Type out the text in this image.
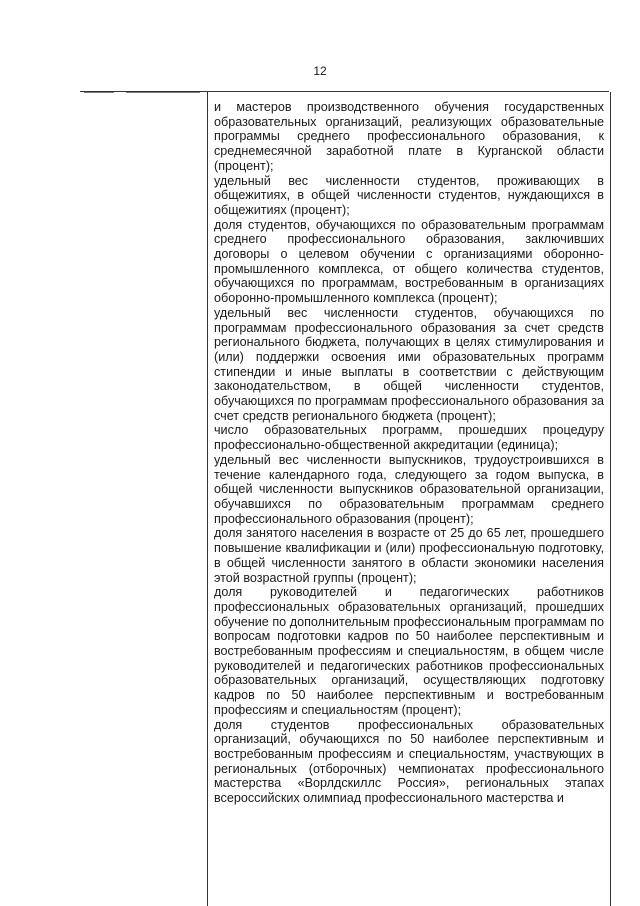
12

и мастеров производственного обучения государственных образовательных организаций, реализующих образовательные программы среднего профессионального образования, к среднемесячной заработной плате в Курганской области (процент);

удельный вес численности студентов, проживающих в общежитиях, в общей численности студентов, нуждающихся в общежитиях (процент);

доля студентов, обучающихся по образовательным программам среднего профессионального образования, заключивших договоры о целевом обучении с организациями оборонно-промышленного комплекса, от общего количества студентов, обучающихся по программам, востребованным в организациях оборонно-промышленного комплекса (процент);

удельный вес численности студентов, обучающихся по программам профессионального образования за счет средств регионального бюджета, получающих в целях стимулирования и (или) поддержки освоения ими образовательных программ стипендии и иные выплаты в соответствии с действующим законодательством, в общей численности студентов, обучающихся по программам профессионального образования за счет средств регионального бюджета (процент);

число образовательных программ, прошедших процедуру профессионально-общественной аккредитации (единица);

удельный вес численности выпускников, трудоустроившихся в течение календарного года, следующего за годом выпуска, в общей численности выпускников образовательной организации, обучавшихся по образовательным программам среднего профессионального образования (процент);

доля занятого населения в возрасте от 25 до 65 лет, прошедшего повышение квалификации и (или) профессиональную подготовку, в общей численности занятого в области экономики населения этой возрастной группы (процент);

доля руководителей и педагогических работников профессиональных образовательных организаций, прошедших обучение по дополнительным профессиональным программам по вопросам подготовки кадров по 50 наиболее перспективным и востребованным профессиям и специальностям, в общем числе руководителей и педагогических работников профессиональных образовательных организаций, осуществляющих подготовку кадров по 50 наиболее перспективным и востребованным профессиям и специальностям (процент);

доля студентов профессиональных образовательных организаций, обучающихся по 50 наиболее перспективным и востребованным профессиям и специальностям, участвующих в региональных (отборочных) чемпионатах профессионального мастерства «Ворлдскиллс Россия», региональных этапах всероссийских олимпиад профессионального мастерства и
